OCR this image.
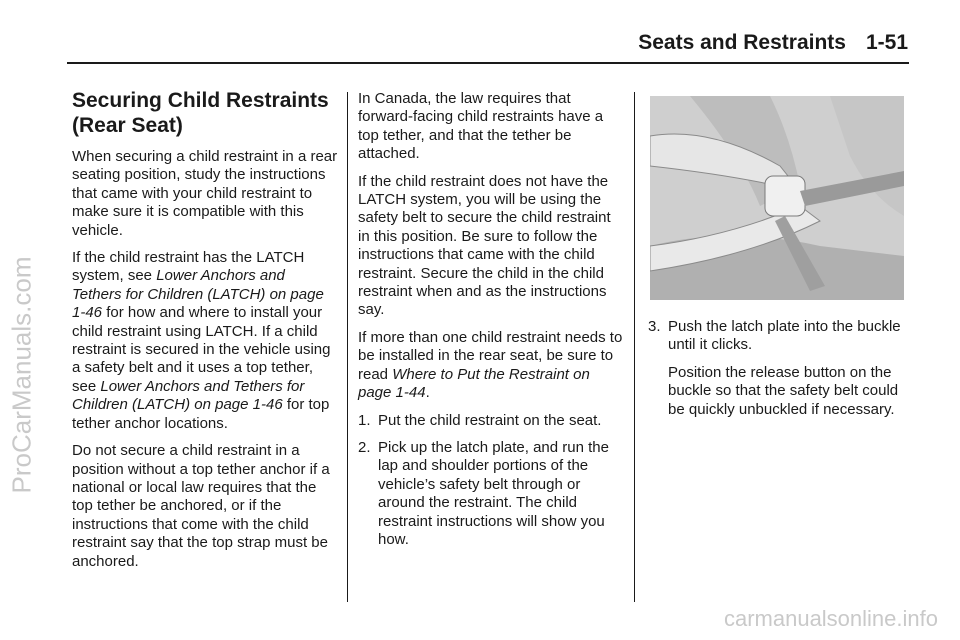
Seats and Restraints 1-51
Securing Child Restraints
(Rear Seat)

When securing a child restraint in a rear seating position, study the instructions that came with your child restraint to make sure it is compatible with this vehicle.

If the child restraint has the LATCH system, see Lower Anchors and Tethers for Children (LATCH) on page 1-46 for how and where to install your child restraint using LATCH. If a child restraint is secured in the vehicle using a safety belt and it uses a top tether, see Lower Anchors and Tethers for Children (LATCH) on page 1-46 for top tether anchor locations.

Do not secure a child restraint in a position without a top tether anchor if a national or local law requires that the top tether be anchored, or if the instructions that come with the child restraint say that the top strap must be anchored.

In Canada, the law requires that forward-facing child restraints have a top tether, and that the tether be attached.

If the child restraint does not have the LATCH system, you will be using the safety belt to secure the child restraint in this position. Be sure to follow the instructions that came with the child restraint. Secure the child in the child restraint when and as the instructions say.

If more than one child restraint needs to be installed in the rear seat, be sure to read Where to Put the Restraint on page 1-44.

1. Put the child restraint on the seat.
2. Pick up the latch plate, and run the lap and shoulder portions of the vehicle’s safety belt through or around the restraint. The child restraint instructions will show you how.
3. Push the latch plate into the buckle until it clicks.

Position the release button on the buckle so that the safety belt could be quickly unbuckled if necessary.

ProCarManuals.com
carmanualsonline.info
